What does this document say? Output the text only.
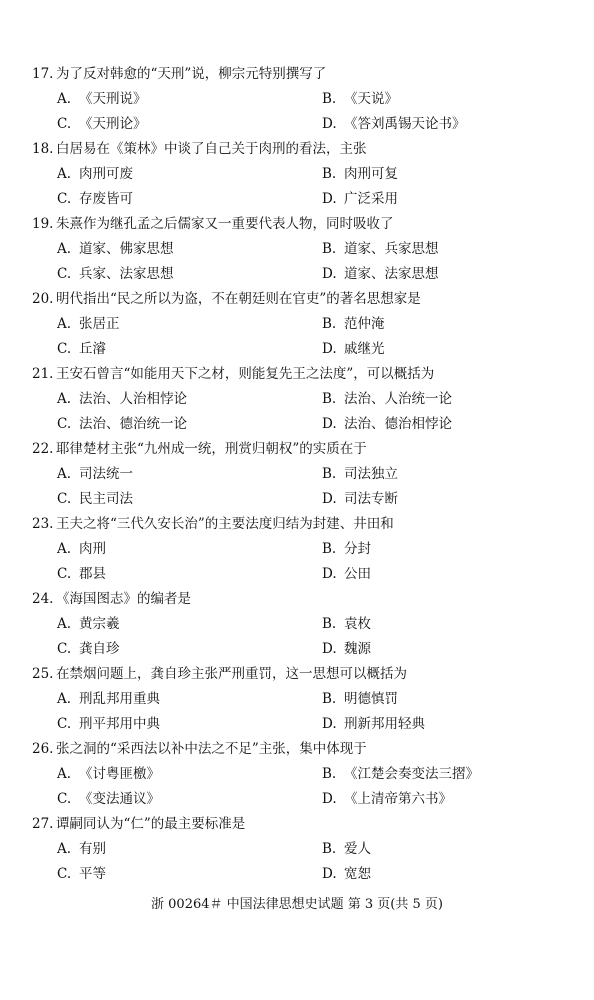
17. 为了反对韩愈的“天刑”说，柳宗元特别撰写了
A. 《天刑说》	B. 《天说》
C. 《天刑论》	D. 《答刘禹锡天论书》
18. 白居易在《策林》中谈了自己关于肉刑的看法，主张
A. 肉刑可废	B. 肉刑可复
C. 存废皆可	D. 广泛采用
19. 朱熹作为继孔孟之后儒家又一重要代表人物，同时吸收了
A. 道家、佛家思想	B. 道家、兵家思想
C. 兵家、法家思想	D. 道家、法家思想
20. 明代指出“民之所以为盗，不在朝廷则在官吏”的著名思想家是
A. 张居正	B. 范仲淹
C. 丘濬	D. 戚继光
21. 王安石曾言“如能用天下之材，则能复先王之法度”，可以概括为
A. 法治、人治相悖论	B. 法治、人治统一论
C. 法治、德治统一论	D. 法治、德治相悖论
22. 耶律楚材主张“九州成一统，刑赏归朝权”的实质在于
A. 司法统一	B. 司法独立
C. 民主司法	D. 司法专断
23. 王夫之将“三代久安长治”的主要法度归结为封建、井田和
A. 肉刑	B. 分封
C. 郡县	D. 公田
24. 《海国图志》的编者是
A. 黄宗羲	B. 袁枚
C. 龚自珍	D. 魏源
25. 在禁烟问题上，龚自珍主张严刑重罚，这一思想可以概括为
A. 刑乱邦用重典	B. 明德慎罚
C. 刑平邦用中典	D. 刑新邦用轻典
26. 张之洞的“采西法以补中法之不足”主张，集中体现于
A. 《讨粤匪檄》	B. 《江楚会奏变法三摺》
C. 《变法通议》	D. 《上清帝第六书》
27. 谭嗣同认为“仁”的最主要标准是
A. 有别	B. 爱人
C. 平等	D. 宽恕
浙 00264＃ 中国法律思想史试题 第 3 页(共 5 页)
